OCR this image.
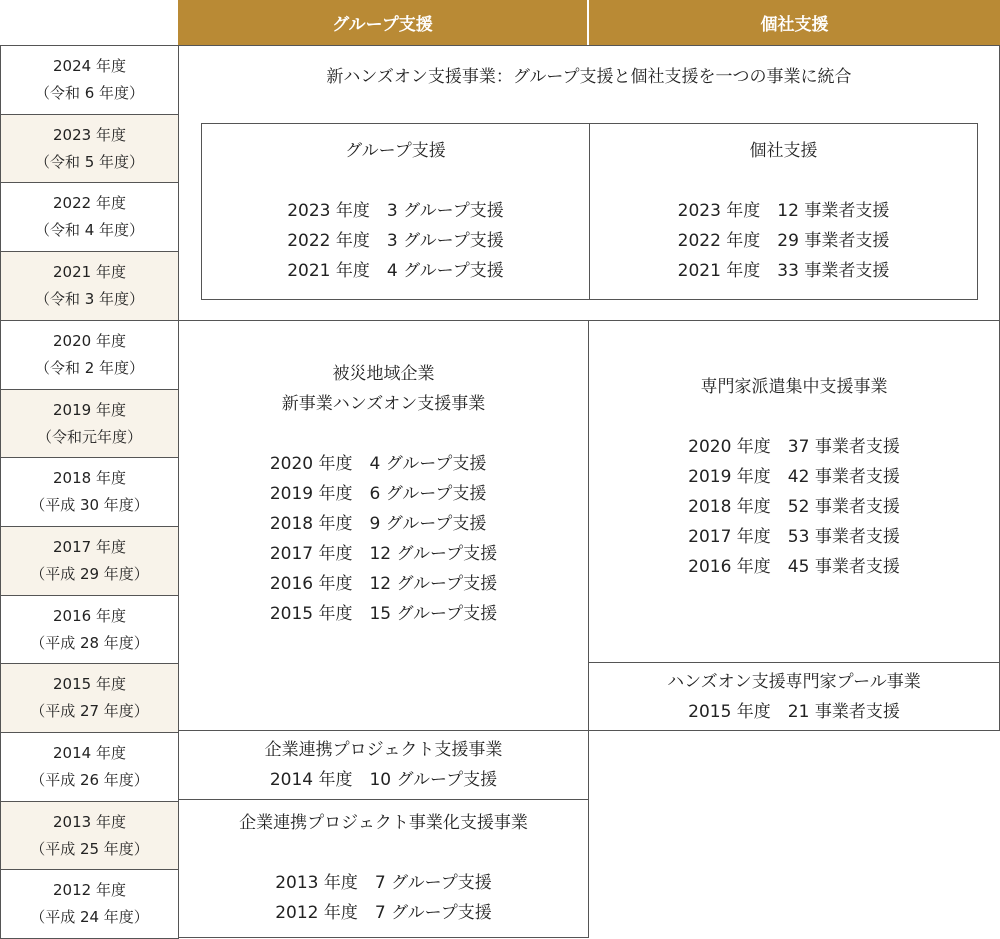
グループ支援	個社支援
2024 年度
（令和 6 年度）
2023 年度
（令和 5 年度）
2022 年度
（令和 4 年度）
2021 年度
（令和 3 年度）
2020 年度
（令和 2 年度）
2019 年度
（令和元年度）
2018 年度
（平成 30 年度）
2017 年度
（平成 29 年度）
2016 年度
（平成 28 年度）
2015 年度
（平成 27 年度）
2014 年度
（平成 26 年度）
2013 年度
（平成 25 年度）
2012 年度
（平成 24 年度）
新ハンズオン支援事業：グループ支援と個社支援を一つの事業に統合
グループ支援
2023 年度　3 グループ支援
2022 年度　3 グループ支援
2021 年度　4 グループ支援
個社支援
2023 年度　12 事業者支援
2022 年度　29 事業者支援
2021 年度　33 事業者支援
被災地域企業
新事業ハンズオン支援事業
2020 年度　4 グループ支援
2019 年度　6 グループ支援
2018 年度　9 グループ支援
2017 年度　12 グループ支援
2016 年度　12 グループ支援
2015 年度　15 グループ支援
専門家派遣集中支援事業
2020 年度　37 事業者支援
2019 年度　42 事業者支援
2018 年度　52 事業者支援
2017 年度　53 事業者支援
2016 年度　45 事業者支援
ハンズオン支援専門家プール事業
2015 年度　21 事業者支援
企業連携プロジェクト支援事業
2014 年度　10 グループ支援
企業連携プロジェクト事業化支援事業
2013 年度　7 グループ支援
2012 年度　7 グループ支援
